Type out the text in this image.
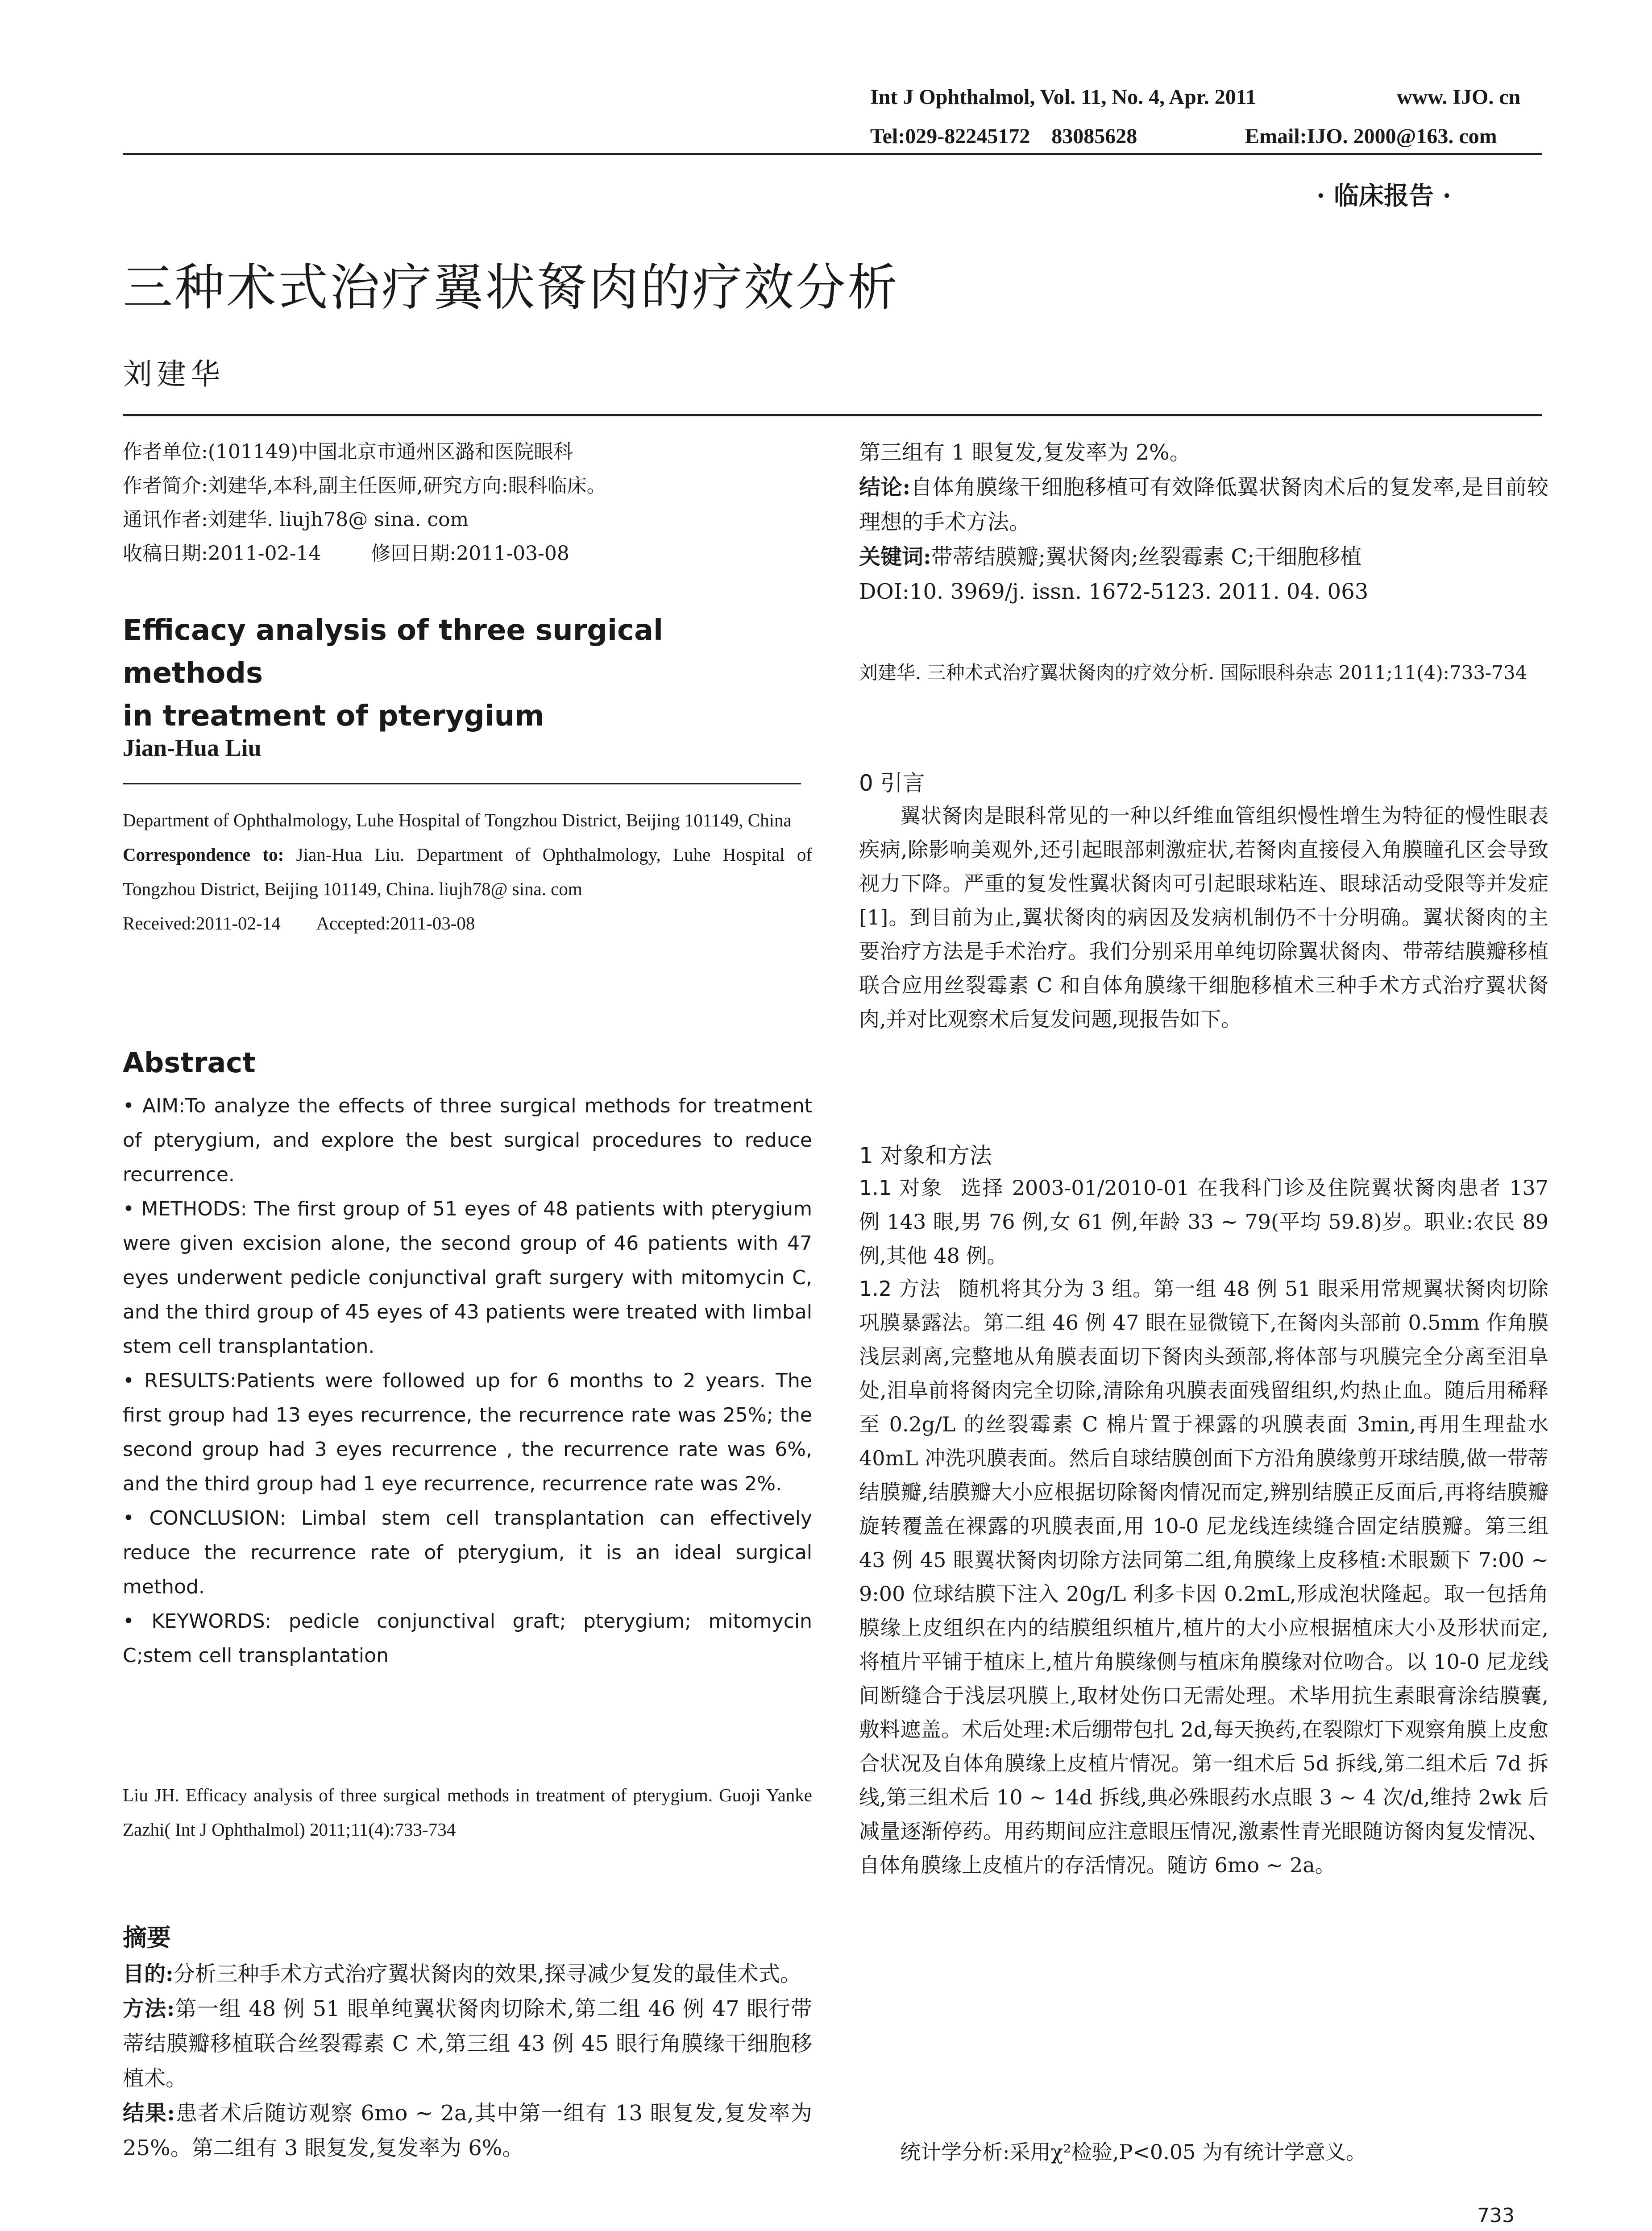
Int J Ophthalmol, Vol. 11, No. 4, Apr. 2011	www. IJO. cn
Tel:029-82245172    83085628	Email:IJO. 2000@163. com
· 临床报告 ·
三种术式治疗翼状胬肉的疗效分析
刘建华

作者单位:(101149)中国北京市通州区潞和医院眼科

作者简介:刘建华,本科,副主任医师,研究方向:眼科临床。

通讯作者:刘建华. liujh78@ sina. com

收稿日期:2011-02-14        修回日期:2011-03-08

Efficacy analysis of three surgical methods

in treatment of pterygium

Jian-Hua Liu

Department of Ophthalmology, Luhe Hospital of Tongzhou District, Beijing 101149, China

Correspondence to: Jian-Hua Liu. Department of Ophthalmology, Luhe Hospital of Tongzhou District, Beijing 101149, China. liujh78@ sina. com

Received:2011-02-14        Accepted:2011-03-08

Abstract

• AIM:To analyze the effects of three surgical methods for treatment of pterygium, and explore the best surgical procedures to reduce recurrence.

• METHODS: The first group of 51 eyes of 48 patients with pterygium were given excision alone, the second group of 46 patients with 47 eyes underwent pedicle conjunctival graft surgery with mitomycin C, and the third group of 45 eyes of 43 patients were treated with limbal stem cell transplantation.

• RESULTS:Patients were followed up for 6 months to 2 years. The first group had 13 eyes recurrence, the recurrence rate was 25%; the second group had 3 eyes recurrence , the recurrence rate was 6%, and the third group had 1 eye recurrence, recurrence rate was 2%.

• CONCLUSION: Limbal stem cell transplantation can effectively reduce the recurrence rate of pterygium, it is an ideal surgical method.

• KEYWORDS: pedicle conjunctival graft; pterygium; mitomycin C;stem cell transplantation

Liu JH. Efficacy analysis of three surgical methods in treatment of pterygium. Guoji Yanke Zazhi( Int J Ophthalmol) 2011;11(4):733-734
摘要

目的:分析三种手术方式治疗翼状胬肉的效果,探寻减少复发的最佳术式。

方法:第一组 48 例 51 眼单纯翼状胬肉切除术,第二组 46 例 47 眼行带蒂结膜瓣移植联合丝裂霉素 C 术,第三组 43 例 45 眼行角膜缘干细胞移植术。

结果:患者术后随访观察 6mo ~ 2a,其中第一组有 13 眼复发,复发率为 25%。第二组有 3 眼复发,复发率为 6%。

第三组有 1 眼复发,复发率为 2%。

结论:自体角膜缘干细胞移植可有效降低翼状胬肉术后的复发率,是目前较理想的手术方法。

关键词:带蒂结膜瓣;翼状胬肉;丝裂霉素 C;干细胞移植

DOI:10. 3969/j. issn. 1672-5123. 2011. 04. 063

刘建华. 三种术式治疗翼状胬肉的疗效分析. 国际眼科杂志 2011;11(4):733-734
0 引言
翼状胬肉是眼科常见的一种以纤维血管组织慢性增生为特征的慢性眼表疾病,除影响美观外,还引起眼部刺激症状,若胬肉直接侵入角膜瞳孔区会导致视力下降。严重的复发性翼状胬肉可引起眼球粘连、眼球活动受限等并发症[1]。到目前为止,翼状胬肉的病因及发病机制仍不十分明确。翼状胬肉的主要治疗方法是手术治疗。我们分别采用单纯切除翼状胬肉、带蒂结膜瓣移植联合应用丝裂霉素 C 和自体角膜缘干细胞移植术三种手术方式治疗翼状胬肉,并对比观察术后复发问题,现报告如下。
1 对象和方法
1.1 对象 选择 2003-01/2010-01 在我科门诊及住院翼状胬肉患者 137 例 143 眼,男 76 例,女 61 例,年龄 33 ~ 79(平均 59.8)岁。职业:农民 89 例,其他 48 例。
1.2 方法 随机将其分为 3 组。第一组 48 例 51 眼采用常规翼状胬肉切除巩膜暴露法。第二组 46 例 47 眼在显微镜下,在胬肉头部前 0.5mm 作角膜浅层剥离,完整地从角膜表面切下胬肉头颈部,将体部与巩膜完全分离至泪阜处,泪阜前将胬肉完全切除,清除角巩膜表面残留组织,灼热止血。随后用稀释至 0.2g/L 的丝裂霉素 C 棉片置于裸露的巩膜表面 3min,再用生理盐水 40mL 冲洗巩膜表面。然后自球结膜创面下方沿角膜缘剪开球结膜,做一带蒂结膜瓣,结膜瓣大小应根据切除胬肉情况而定,辨别结膜正反面后,再将结膜瓣旋转覆盖在裸露的巩膜表面,用 10-0 尼龙线连续缝合固定结膜瓣。第三组 43 例 45 眼翼状胬肉切除方法同第二组,角膜缘上皮移植:术眼颞下 7:00 ~ 9:00 位球结膜下注入 20g/L 利多卡因 0.2mL,形成泡状隆起。取一包括角膜缘上皮组织在内的结膜组织植片,植片的大小应根据植床大小及形状而定,将植片平铺于植床上,植片角膜缘侧与植床角膜缘对位吻合。以 10-0 尼龙线间断缝合于浅层巩膜上,取材处伤口无需处理。术毕用抗生素眼膏涂结膜囊,敷料遮盖。术后处理:术后绷带包扎 2d,每天换药,在裂隙灯下观察角膜上皮愈合状况及自体角膜缘上皮植片情况。第一组术后 5d 拆线,第二组术后 7d 拆线,第三组术后 10 ~ 14d 拆线,典必殊眼药水点眼 3 ~ 4 次/d,维持 2wk 后减量逐渐停药。用药期间应注意眼压情况,激素性青光眼随访胬肉复发情况、自体角膜缘上皮植片的存活情况。随访 6mo ~ 2a。
统计学分析:采用χ²检验,P<0.05 为有统计学意义。
733
